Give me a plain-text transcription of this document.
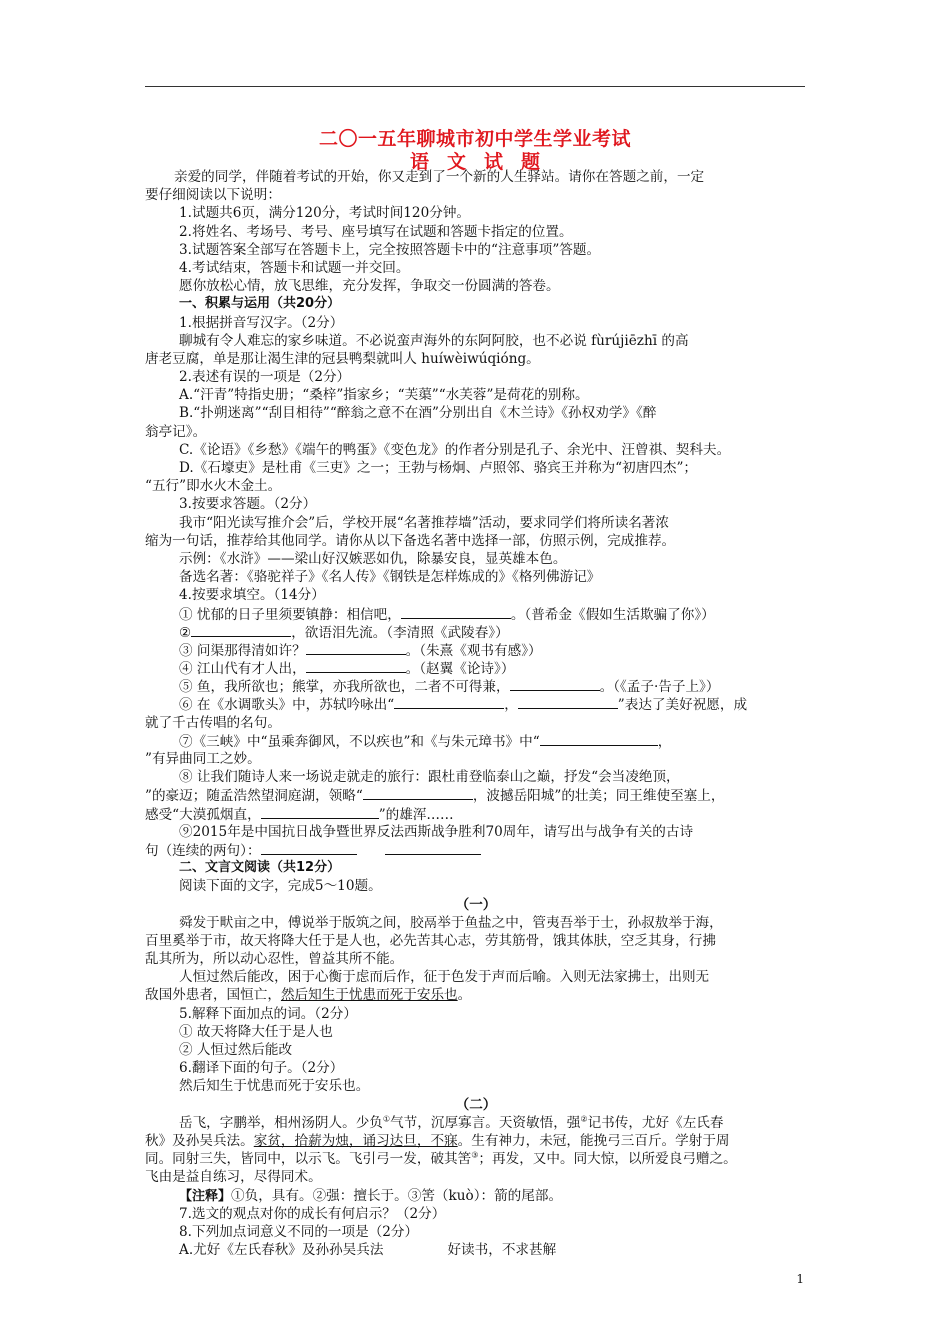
二〇一五年聊城市初中学生学业考试
语 文 试 题
亲爱的同学，伴随着考试的开始，你又走到了一个新的人生驿站。请你在答题之前，一定
要仔细阅读以下说明：
1.试题共6页，满分120分，考试时间120分钟。
2.将姓名、考场号、考号、座号填写在试题和答题卡指定的位置。
3.试题答案全部写在答题卡上，完全按照答题卡中的“注意事项”答题。
4.考试结束，答题卡和试题一并交回。
愿你放松心情，放飞思维，充分发挥，争取交一份圆满的答卷。
一、积累与运用（共20分）
1.根据拼音写汉字。（2分）
聊城有令人难忘的家乡味道。不必说蛮声海外的东阿阿胶，也不必说 fùrújiēzhī 的高
唐老豆腐，单是那让渴生津的冠县鸭梨就叫人 huíwèiwúqióng。
2.表述有误的一项是（2分）
A.“汗青”特指史册；“桑梓”指家乡；“芙蕖”“水芙蓉”是荷花的别称。
B.“扑朔迷离”“刮目相待”“醉翁之意不在酒”分别出自《木兰诗》《孙权劝学》《醉
翁亭记》。
C.《论语》《乡愁》《端午的鸭蛋》《变色龙》的作者分别是孔子、余光中、汪曾祺、契科夫。
D.《石壕吏》是杜甫《三吏》之一；王勃与杨炯、卢照邻、骆宾王并称为“初唐四杰”；
“五行”即水火木金土。
3.按要求答题。（2分）
我市“阳光读写推介会”后，学校开展“名著推荐墙”活动，要求同学们将所读名著浓
缩为一句话，推荐给其他同学。请你从以下备选名著中选择一部，仿照示例，完成推荐。
示例：《水浒》——梁山好汉嫉恶如仇，除暴安良，显英雄本色。
备选名著：《骆驼祥子》《名人传》《钢铁是怎样炼成的》《格列佛游记》
4.按要求填空。（14分）
① 忧郁的日子里须要镇静：相信吧，	。（普希金《假如生活欺骗了你》）
②	，欲语泪先流。（李清照《武陵春》）
③ 问渠那得清如许？	。（朱熹《观书有感》）
④ 江山代有才人出，	。（赵翼《论诗》）
⑤ 鱼，我所欲也；熊掌，亦我所欲也，二者不可得兼，	。（《孟子·告子上》）
⑥ 在《水调歌头》中，苏轼吟咏出“	，	”表达了美好祝愿，成
就了千古传唱的名句。
⑦《三峡》中“虽乘奔御风，不以疾也”和《与朱元璋书》中“	，
”有异曲同工之妙。
⑧ 让我们随诗人来一场说走就走的旅行：跟杜甫登临泰山之巅，抒发“会当凌绝顶，
”的豪迈；随孟浩然望洞庭湖，领略“	，波撼岳阳城”的壮美；同王维使至塞上，
感受“大漠孤烟直，	”的雄浑……
⑨2015年是中国抗日战争暨世界反法西斯战争胜利70周年，请写出与战争有关的古诗
句（连续的两句）：
二、文言文阅读（共12分）
阅读下面的文字，完成5～10题。
（一）
舜发于畎亩之中，傅说举于版筑之间，胶鬲举于鱼盐之中，管夷吾举于士，孙叔敖举于海，
百里奚举于市，故天将降大任于是人也，必先苦其心志，劳其筋骨，饿其体肤，空乏其身，行拂
乱其所为，所以动心忍性，曾益其所不能。
人恒过然后能改，困于心衡于虑而后作，征于色发于声而后喻。入则无法家拂士，出则无
敌国外患者，国恒亡，然后知生于忧患而死于安乐也。
5.解释下面加点的词。（2分）
① 故天将降大任于是人也
② 人恒过然后能改
6.翻译下面的句子。（2分）
然后知生于忧患而死于安乐也。
（二）
岳飞，字鹏举，相州汤阴人。少负①气节，沉厚寡言。天资敏悟，强②记书传，尤好《左氏春
秋》及孙吴兵法。家贫，拾薪为烛，诵习达旦，不寐。生有神力，未冠，能挽弓三百斤。学射于周
同。同射三失，皆同中，以示飞。飞引弓一发，破其筈③；再发，又中。同大惊，以所爱良弓赠之。
飞由是益自练习，尽得同术。
【注释】①负，具有。②强：擅长于。③筈（kuò）：箭的尾部。
7.选文的观点对你的成长有何启示？（2分）
8.下列加点词意义不同的一项是（2分）
A.尤好《左氏春秋》及孙孙吴兵法	好读书，不求甚解
1
